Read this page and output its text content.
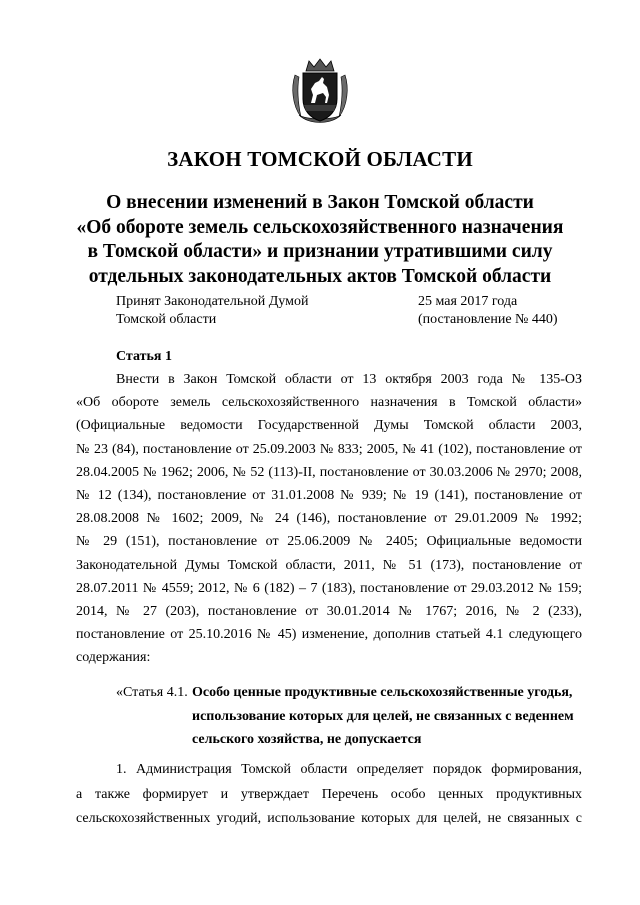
ЗАКОН ТОМСКОЙ ОБЛАСТИ
О внесении изменений в Закон Томской области
«Об обороте земель сельскохозяйственного назначения
в Томской области» и признании утратившими силу
отдельных законодательных актов Томской области
Принят Законодательной Думой
Томской области
25 мая 2017 года
(постановление № 440)
Статья 1
Внести в Закон Томской области от 13 октября 2003 года № 135-ОЗ
«Об обороте земель сельскохозяйственного назначения в Томской области»
(Официальные ведомости Государственной Думы Томской области 2003,
№ 23 (84), постановление от 25.09.2003 № 833; 2005, № 41 (102), постановление от
28.04.2005 № 1962; 2006, № 52 (113)-II, постановление от 30.03.2006 № 2970; 2008,
№ 12 (134), постановление от 31.01.2008 № 939; № 19 (141), постановление от
28.08.2008 № 1602; 2009, № 24 (146), постановление от 29.01.2009 № 1992;
№ 29 (151), постановление от 25.06.2009 № 2405; Официальные ведомости
Законодательной Думы Томской области, 2011, № 51 (173), постановление от
28.07.2011 № 4559; 2012, № 6 (182) – 7 (183), постановление от 29.03.2012 № 159;
2014, № 27 (203), постановление от 30.01.2014 № 1767; 2016, № 2 (233),
постановление от 25.10.2016 № 45) изменение, дополнив статьей 4.1 следующего
содержания:
«Статья 4.1. Особо ценные продуктивные сельскохозяйственные угодья,
использование которых для целей, не связанных с веденнем
сельского хозяйства, не допускается
1. Администрация Томской области определяет порядок формирования,
а также формирует и утверждает Перечень особо ценных продуктивных
сельскохозяйственных угодий, использование которых для целей, не связанных с
